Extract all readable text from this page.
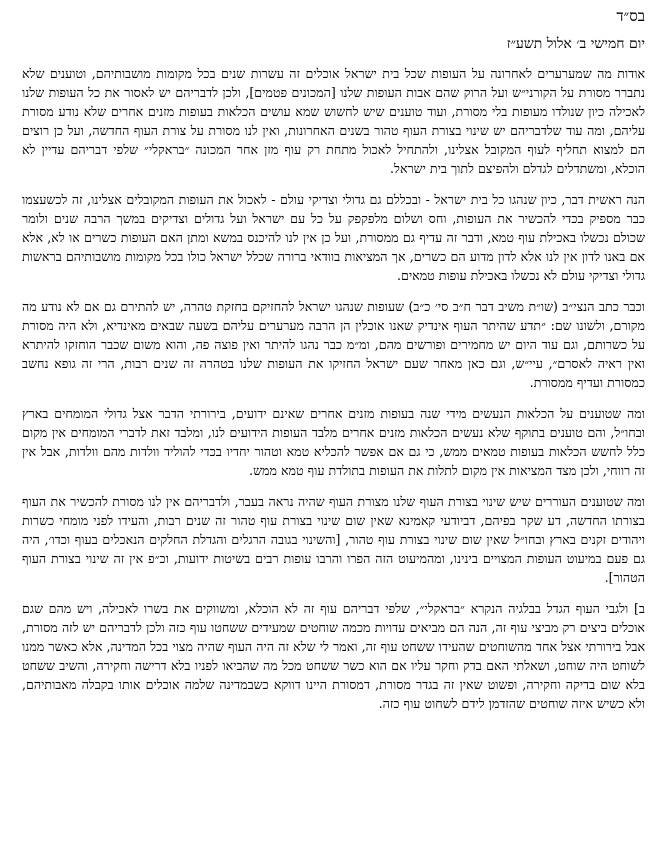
בס״ד
יום חמישי ב׳ אלול תשע״ז

אודות מה שמערערים לאחרונה על העופות שכל בית ישראל אוכלים זה עשרות שנים בכל מקומות מושבותיהם, וטוענים שלא נתברר מסורת על הקורני״ש ועל הרוק שהם אבות העופות שלנו [המכונים פטמים], ולכן לדבריהם יש לאסור את כל העופות שלנו לאכילה כיון שנולדו מעופות בלי מסורת, ועוד טוענים שיש לחשוש שמא עושים הכלאות בעופות מזנים אחרים שלא נודע מסורת עליהם, ומה עוד שלדבריהם יש שינוי בצורת העוף טהור בשנים האחרונות, ואין לנו מסורת על צורת העוף החדשה, ועל כן רוצים הם למצוא תחליף לעוף המקובל אצלינו, ולהתחיל לאכול מתחת רק עוף מזן אחר המכונה ״בראקלי״ שלפי דבריהם עדיין לא הוכלא, ומשתדלים לגדלם ולהפיצם לתוך בית ישראל.

הנה ראשית דבר, כיון שנהגו כל בית ישראל - ובכללם גם גדולי וצדיקי עולם - לאכול את העופות המקובלים אצלינו, זה לכשעצמו כבר מספיק בכדי להכשיר את העופות, וחס ושלום מלפקפק על כל עם ישראל ועל גדולים וצדיקים במשך הרבה שנים ולומר שכולם נכשלו באכילת עוף טמא, ודבר זה עדיף גם ממסורת, ועל כן אין לנו להיכנס במשא ומתן האם העופות כשרים או לא, אלא אם באנו לדון אין לנו אלא לדון מדוע הם כשרים, אך המציאות בוודאי ברורה שכלל ישראל כולו בכל מקומות מושבותיהם בראשות גדולי וצדיקי עולם לא נכשלו באכילת עופות טמאים.

וכבר כתב הנצי״ב (שו״ת משיב דבר ח״ב סי׳ כ״ב) שעופות שנהגו ישראל להחזיקם בחזקת טהרה, יש להתירם גם אם לא נודע מה מקורם, ולשונו שם: ״תדע שהיתר העוף אינדיק שאנו אוכלין הן הרבה מערערים עליהם בשעה שבאים מאינדיא, ולא היה מסורת על כשרותם, וגם עוד היום יש מחמירים ופורשים מהם, ומ״מ כבר נהגו להיתר ואין פוצה פה, והוא משום שכבר הוחזקו להיתרא ואין ראיה לאסרם״, עיי״ש, וגם כאן מאחר שעם ישראל החזיקו את העופות שלנו בטהרה זה שנים רבות, הרי זה גופא נחשב כמסורת ועדיף ממסורת.

ומה שטוענים על הכלאות הנעשים מידי שנה בעופות מזנים אחרים שאינם ידועים, בירורתי הדבר אצל גדולי המומחים בארץ ובחו״ל, והם טוענים בתוקף שלא נעשים הכלאות מזנים אחרים מלבד העופות הידועים לנו, ומלבד זאת לדברי המומחים אין מקום כלל לחשש הכלאות בעופות טמאים ממש, כי גם אם אפשר להכליא טמא וטהור יחדיו בכדי להוליד וולדות מהם וולדות, אבל אין זה רווחי, ולכן מצד המציאות אין מקום לתלות את העופות בתולדת עוף טמא ממש.

ומה שטוענים העוררים שיש שינוי בצורת העוף שלנו מצורת העוף שהיה נראה בעבר, ולדבריהם אין לנו מסורת להכשיר את העוף בצורתו החדשה, דע שקר בפיהם, דביודעי קאמינא שאין שום שינוי בצורת עוף טהור זה שנים רבות, והעידו לפני מומחי כשרות ויהודים זקנים בארץ ובחו״ל שאין שום שינוי בצורת עוף טהור, [והשינוי בגובה הרגלים והגדלת החלקים הנאכלים בעוף וכדו׳, היה גם פעם במיעוט העופות המצויים בינינו, ומהמיעוט הזה הפרו והרבו עופות רבים בשיטות ידועות, וכ״פ אין זה שינוי בצורת העוף הטהור].

ב] ולגבי העוף הגדל בבלגיה הנקרא ״בראקלי״, שלפי דבריהם עוף זה לא הוכלא, ומשווקים את בשרו לאכילה, ויש מהם שגם אוכלים ביצים רק מביצי עוף זה, הנה הם מביאים עדויות מכמה שוחטים שמעידים ששחטו עוף כזה ולכן לדבריהם יש לזה מסורת, אבל בירורתי אצל אחד מהשוחטים שהעידו ששחט עוף זה, ואמר לי שלא זה היה העוף שהיה מצוי בכל המדינה, אלא כאשר ממנו לשוחט היה שוחט, ושאלתי האם בדק וחקר עליו אם הוא כשר ששחט מכל מה שהביאו לפניו בלא דרישה וחקירה, והשיב ששחט בלא שום בדיקה וחקירה, ופשוט שאין זה בגדר מסורת, דמסורת היינו דווקא כשבמדינה שלמה אוכלים אותו בקבלה מאבותיהם, ולא כשיש איזה שוחטים שהזדמן לידם לשחוט עוף כזה.
